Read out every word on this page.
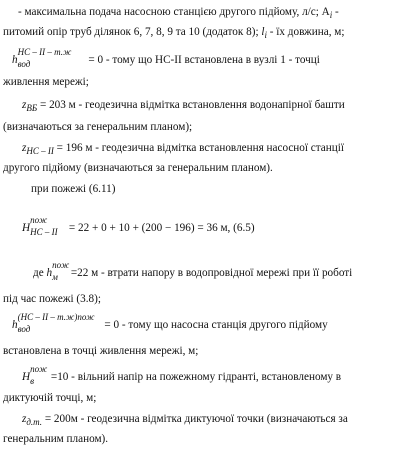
- максимальна подача насосною станцією другого підйому, л/с; $A_i$ -
питомий опір труб ділянок 6, 7, 8, 9 та 10 (додаток 8); $l_i$ - їх довжина, м;
h
НС – ІІ – т.ж
вод	= 0 - тому що НС-ІІ встановлена в вузлі 1 - точці
живлення мережі;
$z_{ВБ} = 203$ м - геодезична відмітка встановлення водонапірної башти
(визначаються за генеральним планом);
$z_{НС - ІІ} = 196$ м - геодезична відмітка встановлення насосної станції
другого підйому (визначаються за генеральним планом).
при пожежі (6.11)
H
пож
НС – ІІ = 22 + 0 + 10 + (200 − 196) = 36 м, (6.5)
де h
пож
м =22 м - втрати напору в водопровідної мережі при її роботі
під час пожежі (3.8);
h
(НС – ІІ – т.ж)пож
вод	= 0 - тому що насосна станція другого підйому
встановлена в точці живлення мережі, м;
H
пож
в =10 - вільний напір на пожежному гідранті, встановленому в
диктуючій точці, м;
$z_{д.т.} = 200м$ - геодезична відмітка диктуючої точки (визначаються за
генеральним планом).
